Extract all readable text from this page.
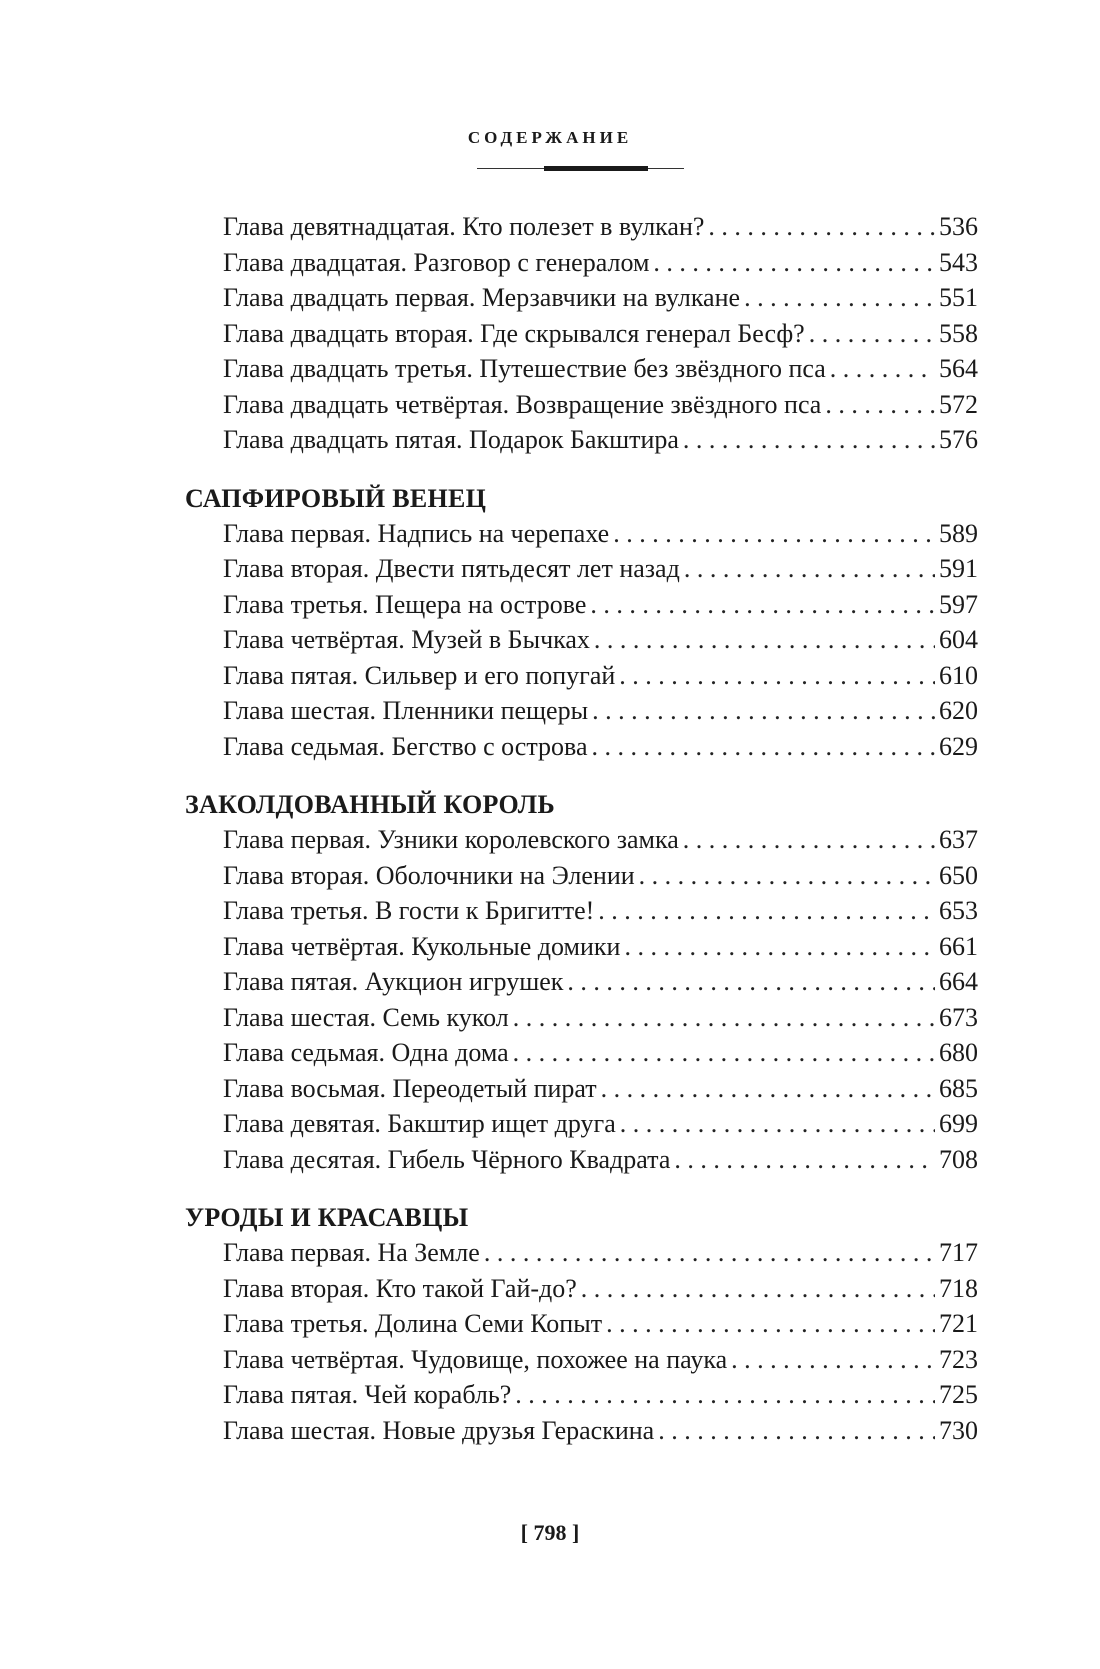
СОДЕРЖАНИЕ
Глава девятнадцатая. Кто полезет в вулкан? . . .	536
Глава двадцатая. Разговор с генералом . . .	543
Глава двадцать первая. Мерзавчики на вулкане . . .	551
Глава двадцать вторая. Где скрывался генерал Бесф? . . .	558
Глава двадцать третья. Путешествие без звёздного пса . . .	564
Глава двадцать четвёртая. Возвращение звёздного пса . . .	572
Глава двадцать пятая. Подарок Бакштира . . .	576
САПФИРОВЫЙ ВЕНЕЦ
Глава первая. Надпись на черепахе . . .	589
Глава вторая. Двести пятьдесят лет назад . . .	591
Глава третья. Пещера на острове . . .	597
Глава четвёртая. Музей в Бычках . . .	604
Глава пятая. Сильвер и его попугай . . .	610
Глава шестая. Пленники пещеры . . .	620
Глава седьмая. Бегство с острова . . .	629
ЗАКОЛДОВАННЫЙ КОРОЛЬ
Глава первая. Узники королевского замка . . .	637
Глава вторая. Оболочники на Элении . . .	650
Глава третья. В гости к Бригитте! . . .	653
Глава четвёртая. Кукольные домики . . .	661
Глава пятая. Аукцион игрушек . . .	664
Глава шестая. Семь кукол . . .	673
Глава седьмая. Одна дома . . .	680
Глава восьмая. Переодетый пират . . .	685
Глава девятая. Бакштир ищет друга . . .	699
Глава десятая. Гибель Чёрного Квадрата . . .	708
УРОДЫ И КРАСАВЦЫ
Глава первая. На Земле . . .	717
Глава вторая. Кто такой Гай-до? . . .	718
Глава третья. Долина Семи Копыт . . .	721
Глава четвёртая. Чудовище, похожее на паука . . .	723
Глава пятая. Чей корабль? . . .	725
Глава шестая. Новые друзья Гераскина . . .	730
[ 798 ]
